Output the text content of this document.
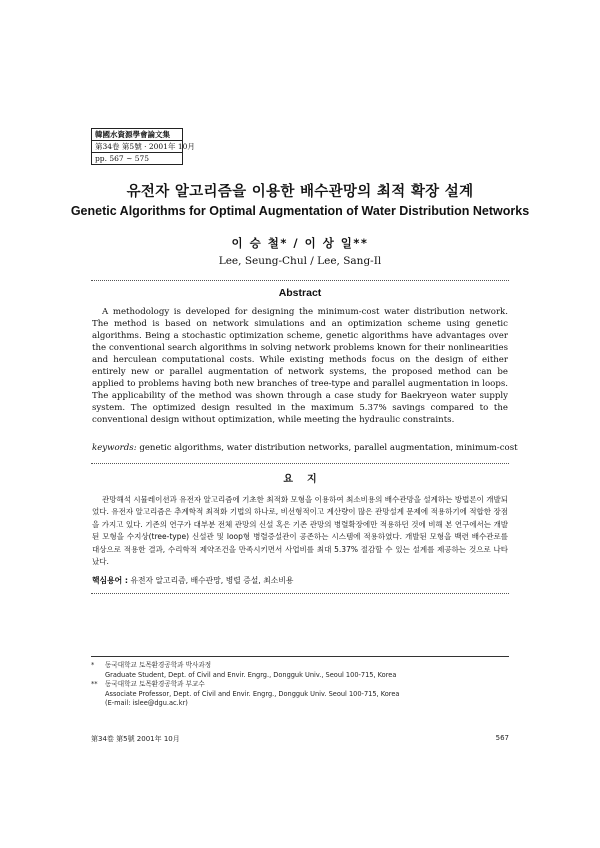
韓國水資源學會論文集
第34卷 第5號 · 2001年 10月
pp. 567 ~ 575
유전자 알고리즘을 이용한 배수관망의 최적 확장 설계
Genetic Algorithms for Optimal Augmentation of Water Distribution Networks
이 승 철* / 이 상 일**
Lee, Seung-Chul / Lee, Sang-Il
Abstract

A methodology is developed for designing the minimum-cost water distribution network. The method is based on network simulations and an optimization scheme using genetic algorithms. Being a stochastic optimization scheme, genetic algorithms have advantages over the conventional search algorithms in solving network problems known for their nonlinearities and herculean computational costs. While existing methods focus on the design of either entirely new or parallel augmentation of network systems, the proposed method can be applied to problems having both new branches of tree-type and parallel augmentation in loops. The applicability of the method was shown through a case study for Baekryeon water supply system. The optimized design resulted in the maximum 5.37% savings compared to the conventional design without optimization, while meeting the hydraulic constraints.

keywords: genetic algorithms, water distribution networks, parallel augmentation, minimum-cost
요    지

관망해석 시뮬레이션과 유전자 알고리즘에 기초한 최적화 모형을 이용하여 최소비용의 배수관망을 설계하는 방법론이 개발되었다. 유전자 알고리즘은 추계학적 최적화 기법의 하나로, 비선형적이고 계산량이 많은 관망설계 문제에 적용하기에 적합한 장점을 가지고 있다. 기존의 연구가 대부분 전체 관망의 신설 혹은 기존 관망의 병렬확장에만 적용하던 것에 비해 본 연구에서는 개발된 모형을 수지상(tree-type) 신설관 및 loop형 병렬증설관이 공존하는 시스템에 적용하였다. 개발된 모형을 백련 배수관로를 대상으로 적용한 결과, 수리학적 제약조건을 만족시키면서 사업비를 최대 5.37% 절감할 수 있는 설계를 제공하는 것으로 나타났다.

핵심용어 : 유전자 알고리즘, 배수관망, 병렬 증설, 최소비용
* 동국대학교 토목환경공학과 박사과정
Graduate Student, Dept. of Civil and Envir. Engrg., Dongguk Univ., Seoul 100-715, Korea
** 동국대학교 토목환경공학과 부교수
Associate Professor, Dept. of Civil and Envir. Engrg., Dongguk Univ. Seoul 100-715, Korea
(E-mail: islee@dgu.ac.kr)
第34卷 第5號 2001年 10月	567
